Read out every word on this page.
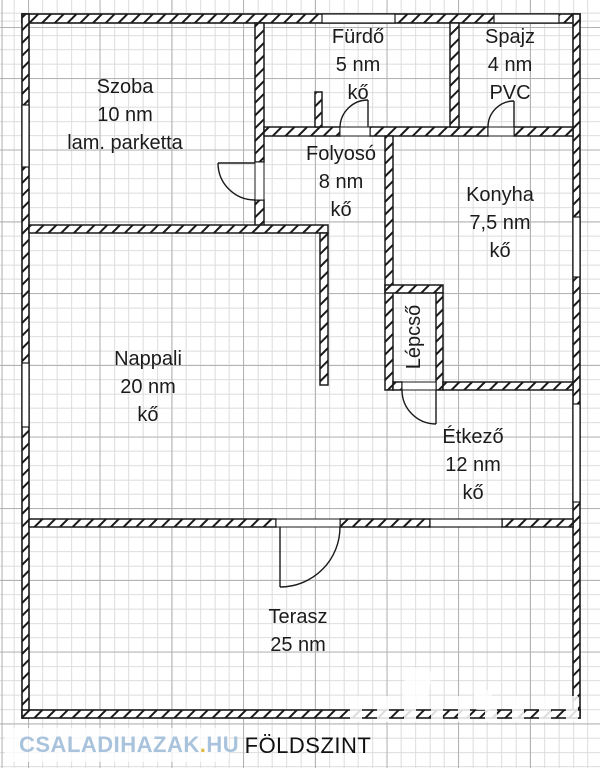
Szoba
10 nm
lam. parketta
Fürdő
5 nm
kő
Spajz
4 nm
PVC
Folyosó
8 nm
kő
Konyha
7,5 nm
kő
Nappali
20 nm
kő
Lépcső
Étkező
12 nm
kő
Terasz
25 nm
FÖLDSZINT
CSALADIHAZAK.HU
